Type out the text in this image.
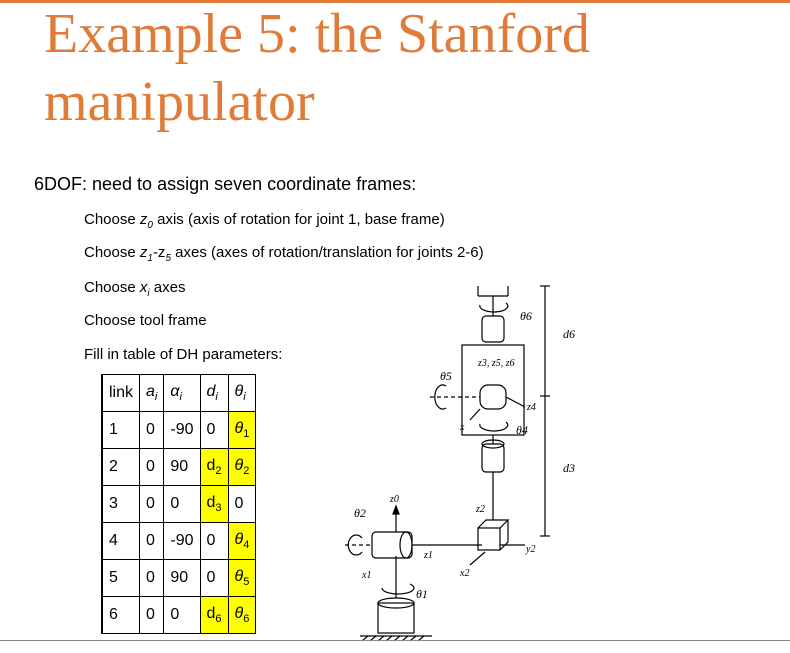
Example 5: the Stanford
manipulator
6DOF: need to assign seven coordinate frames:
Choose $z_0$ axis (axis of rotation for joint 1, base frame)
Choose $z_1-z_5$ axes (axes of rotation/translation for joints 2-6)
Choose $x_i$ axes
Choose tool frame
Fill in table of DH parameters:
link	$a_i$	$\alpha_i$	$d_i$	$\theta_i$
1	0	-90	0	$\theta_1$
2	0	90	$d_2$	$\theta_2$
3	0	0	$d_3$	0
4	0	-90	0	$\theta_4$
5	0	90	0	$\theta_5$
6	0	0	$d_6$	$\theta_6$
θ6
d6
z3, z5, z6
θ5
z4
x	θ4
d3
z0
θ2	z2
z1
x2
y2
x1
θ1
